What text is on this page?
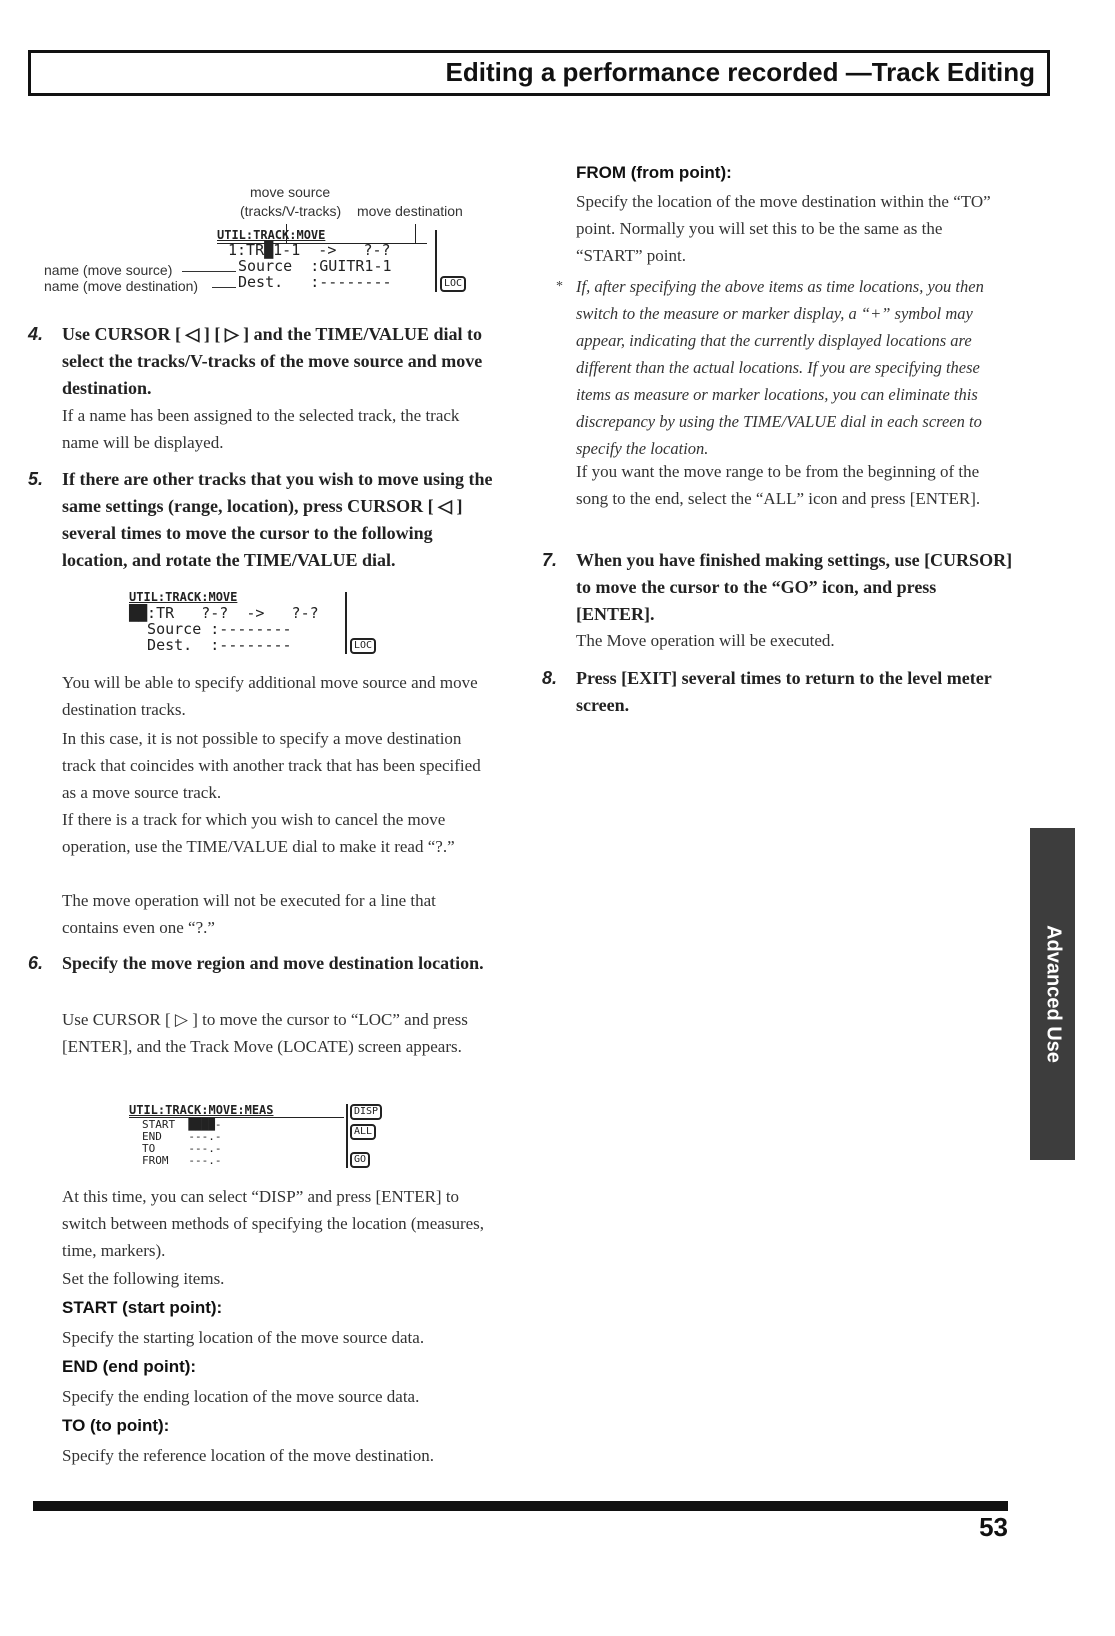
Editing a performance recorded —Track Editing
move source
(tracks/V-tracks) move destination
UTIL:TRACK:MOVE
1:TR█1-1  ->   ?-?
Source  :GUITR1-1
Dest.   :--------	LOC
name (move source)
name (move destination)
4. Use CURSOR [ ◁ ] [ ▷ ] and the TIME/VALUE dial to select the tracks/V-tracks of the move source and move destination.
If a name has been assigned to the selected track, the track name will be displayed.
5. If there are other tracks that you wish to move using the same settings (range, location), press CURSOR [ ◁ ] several times to move the cursor to the following location, and rotate the TIME/VALUE dial.
UTIL:TRACK:MOVE
██:TR   ?-?  ->   ?-?
Source :--------
Dest.  :--------	LOC
You will be able to specify additional move source and move destination tracks.
In this case, it is not possible to specify a move destination track that coincides with another track that has been specified as a move source track.
If there is a track for which you wish to cancel the move operation, use the TIME/VALUE dial to make it read “?.”
The move operation will not be executed for a line that contains even one “?.”
6. Specify the move region and move destination location.
Use CURSOR [ ▷ ] to move the cursor to “LOC” and press [ENTER], and the Track Move (LOCATE) screen appears.
UTIL:TRACK:MOVE:MEAS
START  ████-
END    ---.-
TO     ---.-
FROM   ---.-
DISP
ALL
GO
At this time, you can select “DISP” and press [ENTER] to switch between methods of specifying the location (measures, time, markers).
Set the following items.
START (start point):
Specify the starting location of the move source data.
END (end point):
Specify the ending location of the move source data.
TO (to point):
Specify the reference location of the move destination.
FROM (from point):
Specify the location of the move destination within the “TO” point. Normally you will set this to be the same as the “START” point.
* If, after specifying the above items as time locations, you then switch to the measure or marker display, a “+” symbol may appear, indicating that the currently displayed locations are different than the actual locations. If you are specifying these items as measure or marker locations, you can eliminate this discrepancy by using the TIME/VALUE dial in each screen to specify the location.
If you want the move range to be from the beginning of the song to the end, select the “ALL” icon and press [ENTER].
7. When you have finished making settings, use [CURSOR] to move the cursor to the “GO” icon, and press [ENTER].
The Move operation will be executed.
8. Press [EXIT] several times to return to the level meter screen.
Advanced Use
53
